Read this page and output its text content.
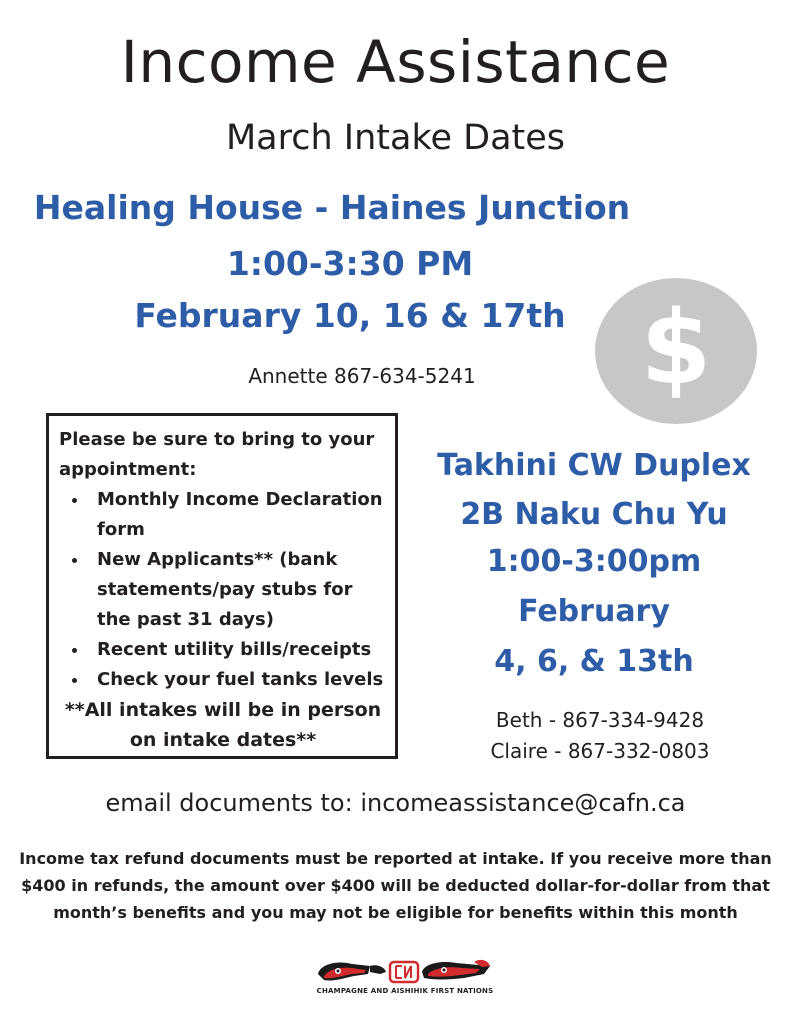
Income Assistance
March Intake Dates
Healing House - Haines Junction
1:00-3:30 PM
February 10, 16 & 17th
Annette 867-634-5241	$
Please be sure to bring to your appointment:
• Monthly Income Declaration form
• New Applicants** (bank statements/pay stubs for the past 31 days)
• Recent utility bills/receipts
• Check your fuel tanks levels
**All intakes will be in person on intake dates**
Takhini CW Duplex
2B Naku Chu Yu
1:00-3:00pm
February
4, 6, & 13th
Beth - 867-334-9428
Claire - 867-332-0803
email documents to: incomeassistance@cafn.ca
Income tax refund documents must be reported at intake. If you receive more than $400 in refunds, the amount over $400 will be deducted dollar-for-dollar from that month’s benefits and you may not be eligible for benefits within this month
CHAMPAGNE AND AISHIHIK FIRST NATIONS
